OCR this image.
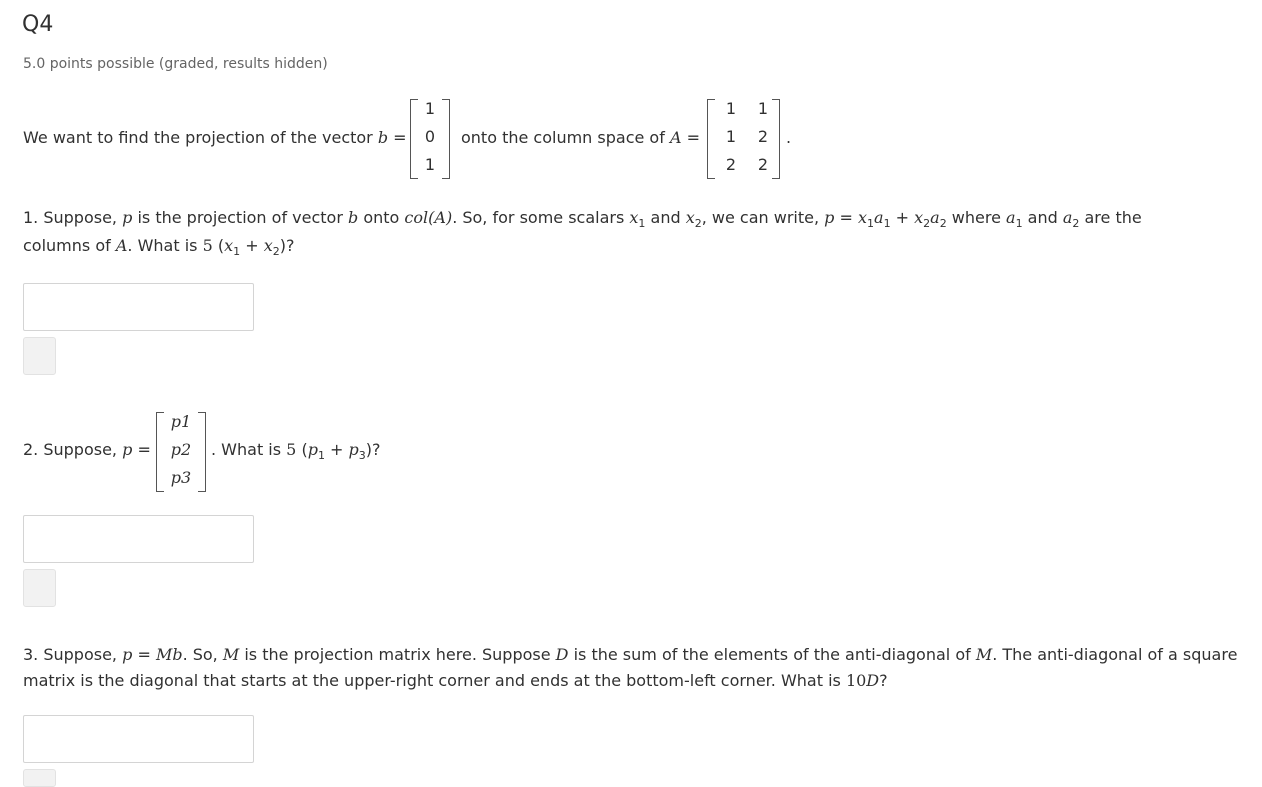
Q4
5.0 points possible (graded, results hidden)
We want to find the projection of the vector b =
1
0
1
onto the column space of A =
1	1
1	2
2	2
.
1. Suppose, p is the projection of vector b onto col(A). So, for some scalars $x_1$ and $x_2$, we can write, $p = x_1a_1 + x_2a_2$ where $a_1$ and $a_2$ are the
columns of A. What is 5 $(x_1 + x_2)$?
2. Suppose, p =
p1
p2
p3
. What is 5 $(p_1 + p_3)$?
3. Suppose, p = Mb. So, M is the projection matrix here. Suppose D is the sum of the elements of the anti-diagonal of M. The anti-diagonal of a square
matrix is the diagonal that starts at the upper-right corner and ends at the bottom-left corner. What is 10D?
